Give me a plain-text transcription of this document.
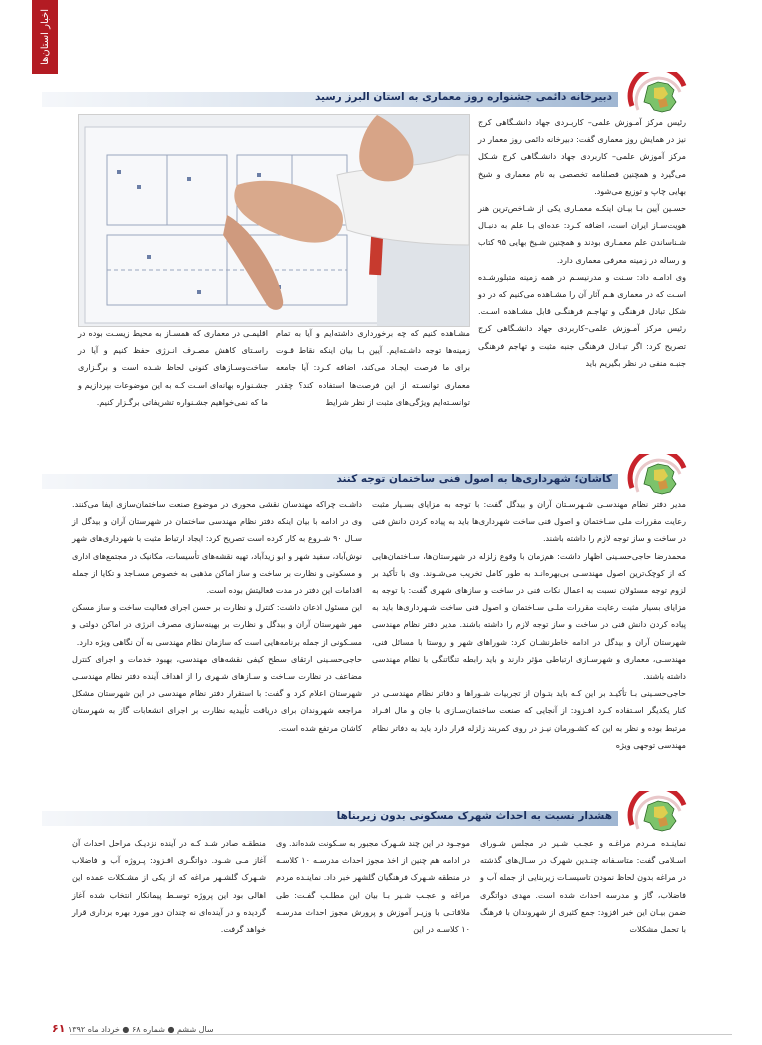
اخبار استان‌ها
دبیرخانه دائمی جشنواره روز معماری به استان البرز رسید

رئیس مرکز آمـوزش علمی– کاربـردی جهاد دانشـگاهی کرج نیز در همایش روز معماری گفت: دبیرخانه دائمی روز معمار در مرکز آموزش علمی– کاربردی جهاد دانشـگاهی کرج شـکل می‌گیرد و همچنین فصلنامه تخصصی به نام معماری و شیخ بهایی چاپ و توزیع می‌شود.

حسـین آیین بـا بیـان اینکـه معمـاری یکی از شـاخص‌ترین هنر هویت‌سـاز ایران است، اضافه کـرد: عده‌ای بـا علم به دنبـال شـناساندن علم معمـاری بودند و همچنین شـیخ بهایی ۹۵ کتاب و رساله در زمینه معرفی معماری دارد.

وی ادامـه داد: سـنت و مدرنیسـم در همه زمینه متبلورشـده اسـت که در معماری هـم آثار آن را مشـاهده می‌کنیم که در دو شکل تبادل فرهنگی و تهاجـم فرهنگـی قابل مشـاهده اسـت. رئیس مرکز آمـوزش علمی–کاربردی جهاد دانشـگاهی کرج تصریح کرد: اگر تبـادل فرهنگی جنبه مثبت و تهاجم فرهنگی جنبـه منفی در نظر بگیریم باید

مشـاهده کنیم که چه برخورداری داشته‌ایم و آیا به تمام زمینه‌ها توجه داشـته‌ایم. آیین بـا بیان اینکه نقاط قـوت برای ما فرصت ایجـاد می‌کند، اضافه کـرد: آیا جامعه معماری توانسـته از این فرصت‌ها استفاده کند؟ چقدر توانسـته‌ایم ویژگی‌های مثبت از نظر شرایط

اقلیمـی در معماری که همسـاز به محیط زیسـت بوده در راسـتای کاهش مصـرف انـرژی حفظ کنیم و آیا در ساخت‌وسـازهای کنونی لحاظ شـده است و برگـزاری جشـنواره بهانه‌ای اسـت کـه به این موضوعات بپردازیم و ما که نمی‌خواهیم جشـنواره تشریفاتی برگـزار کنیم.

کاشان؛ شهرداری‌ها به اصول فنی ساختمان توجه کنند

مدیر دفتر نظام مهندسـی شـهرسـتان آران و بیدگل گفت: با توجه به مزایای بسـیار مثبت رعایت مقررات ملی سـاختمان و اصول فنی ساخت شهرداری‌ها باید به پیاده کردن دانش فنی در ساخت و ساز توجه لازم را داشته باشند.

محمدرضا حاجی‌حسـینی اظهار داشت: هم‌زمان با وقوع زلزله در شهرستان‌ها، سـاختمان‌هایی که از کوچک‌ترین اصول مهندسـی بی‌بهره‌انـد به طور کامل تخریب می‌شـوند. وی با تأکید بر لزوم توجه مسئولان نسبت به اعمال نکات فنی در ساخت و سازهای شهری گفت: با توجه به مزایای بسیار مثبت رعایت مقررات ملـی سـاختمان و اصول فنی ساخت شـهرداری‌ها باید به پیاده کردن دانش فنی در ساخت و ساز توجه لازم را داشته باشند. مدیر دفتر نظام مهندسی شهرستان آران و بیدگل در ادامه خاطرنشـان کرد: شوراهای شهر و روستا با مسائل فنی، مهندسـی، معماری و شهرسـازی ارتباطی مؤثر دارند و باید رابطه تنگاتنگی با نظام مهندسی داشته باشند.

حاجی‌حسـینی بـا تأکیـد بر این کـه باید بتـوان از تجربیات شـوراها و دفاتر نظام مهندسـی در کنار یکدیگر اسـتفاده کـرد افـزود: از آنجایی که صنعت ساختمان‌سـازی با جان و مال افـراد مرتبط بوده و نظر به این که کشـورمان نیـز در روی کمربند زلزله قرار دارد باید به دفاتر نظام مهندسی توجهی ویژه

داشـت چراکه مهندسان نقشی محوری در موضوع صنعت ساختمان‌سازی ایفا می‌کنند. وی در ادامه با بیان اینکه دفتر نظام مهندسی ساختمان در شهرستان آران و بیدگل از سـال ۹۰ شـروع به کار کرده است تصریح کرد: ایجاد ارتباط مثبت با شهرداری‌های شهر نوش‌آباد، سفید شهر و ابو زیدآباد، تهیه نقشه‌های تأسیسات، مکانیک در مجتمع‌های اداری و مسکونی و نظارت بر ساخت و ساز اماکن مذهبی به خصوص مسـاجد و تکایا از جمله اقدامات این دفتر در مدت فعالیتش بوده است.

این مسئول اذعان داشت: کنترل و نظارت بر حسن اجرای فعالیت ساخت و ساز مسکن مهر شهرستان آران و بیدگل و نظارت بر بهینه‌سازی مصرف انرژی در اماکن دولتی و مسـکونی از جمله برنامه‌هایی است که سازمان نظام مهندسی به آن نگاهی ویژه دارد.

حاجی‌حسـینی ارتقای سطح کیفی نقشه‌های مهندسی، بهبود خدمات و اجرای کنترل مضاعف در نظارت سـاخت و سـازهای شـهری را از اهداف آینده دفتر نظام مهندسـی شهرستان اعلام کرد و گفت: با استقرار دفتر نظام مهندسی در این شهرستان مشکل مراجعه شهروندان برای دریافت تأییدیه نظارت بر اجرای انشعابات گاز به شهرستان کاشان مرتفع شده است.

هشدار نسبت به احداث شهرک مسکونی بدون زیربناها

نماینـده مـردم مراغـه و عجـب شـیر در مجلس شـورای اسـلامی گفت: متاسـفانه چنـدین شهرک در سـال‌های گذشته در مراغه بدون لحاظ نمودن تاسیسـات زیربنایی از جمله آب و فاضلاب، گاز و مدرسه احداث شده است. مهدی دواتگری ضمن بیـان این خبر افزود: جمع کثیری از شهروندان با فرهنگ با تحمل مشکلات

موجـود در این چند شـهرک مجبور به سـکونت شده‌اند. وی در ادامه هم چنین از اخذ مجوز احداث مدرسـه ۱۰ کلاسـه در منطقه شـهرک فرهنگیان گلشهر خبر داد. نماینـده مردم مراغه و عجـب شـیر بـا بیان این مطلـب گفـت: طی ملاقاتـی با وزیـر آموزش و پرورش مجوز احداث مدرسـه ۱۰ کلاسـه در این

منطقـه صادر شـد کـه در آینده نزدیـک مراحل احداث آن آغاز مـی شـود. دواتگـری افـزود: پـروژه آب و فاضلاب شـهرک گلشـهر مراغه که از یکی از مشـکلات عمده این اهالی بود این پروژه توسـط پیمانکار انتخاب شده آغاز گردیده و در آینده‌ای نه چندان دور مورد بهره برداری قرار خواهد گرفت.

۶۱ سال ششم ● شماره ۶۸ ● خرداد ماه ۱۳۹۲
